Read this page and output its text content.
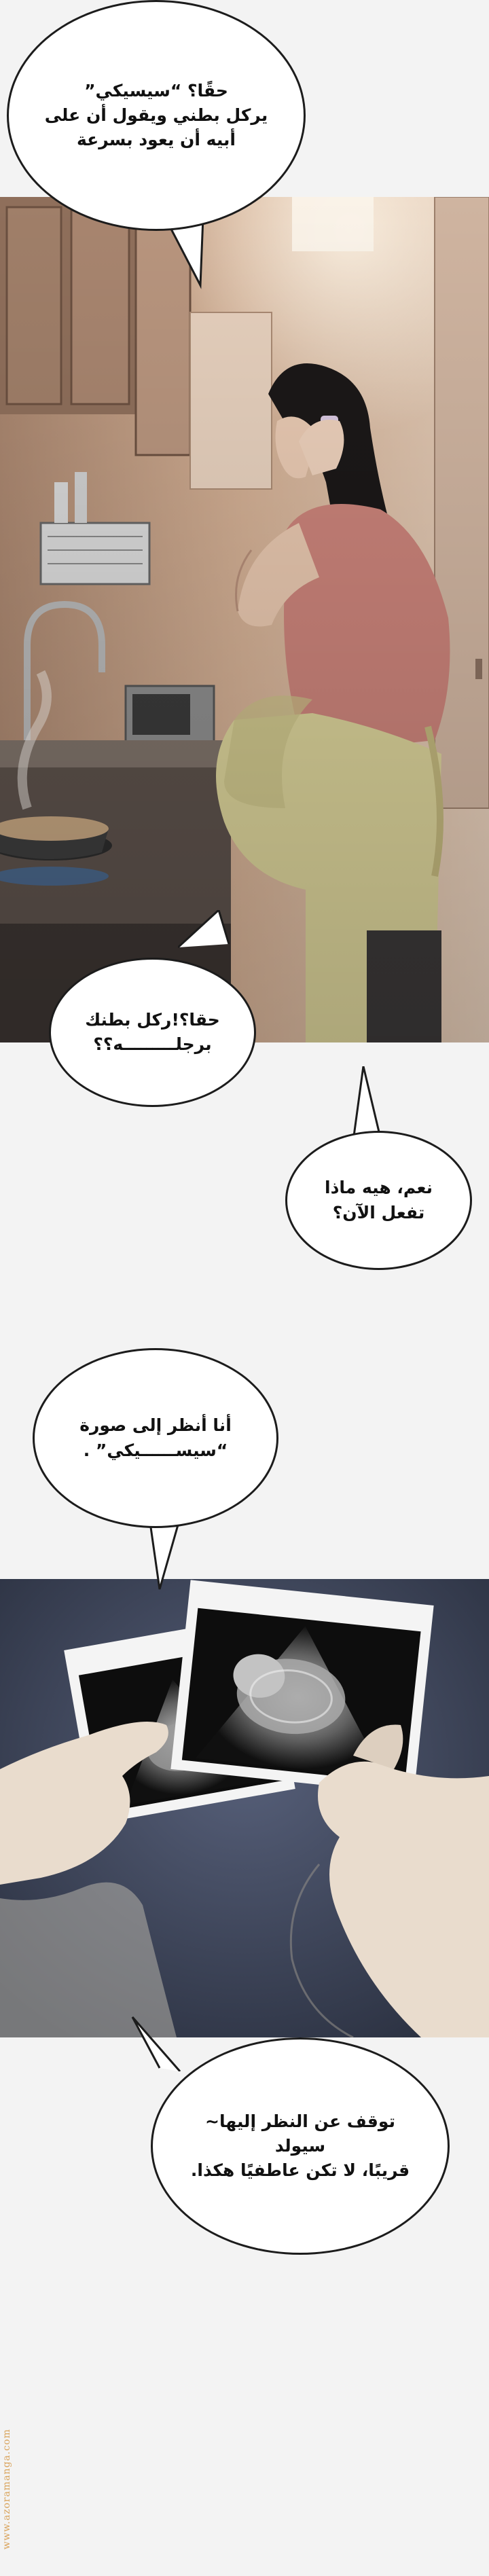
حقًا؟ “سيسيكي”
يركل بطني ويقول أن على
أبيه أن يعود بسرعة
حقا؟!ركل بطنك
برجلـــــــــه؟؟
نعم، هيه ماذا
تفعل الآن؟
أنا أنظر إلى صورة
“سيســــــيكي” .
توقف عن النظر إليها~ سيولد
قريبًا، لا تكن عاطفيًا هكذا.
www.azoramanga.com
